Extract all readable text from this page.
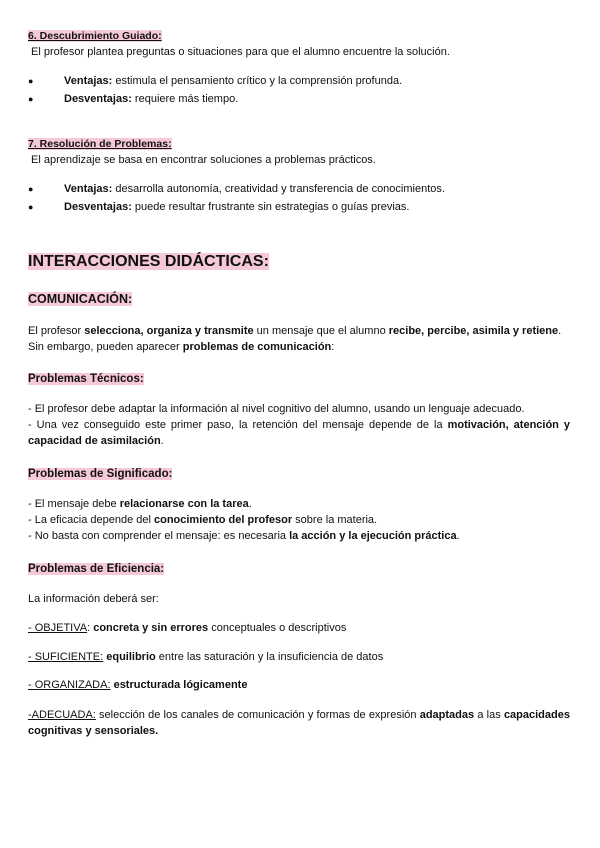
6. Descubrimiento Guiado:
El profesor plantea preguntas o situaciones para que el alumno encuentre la solución.
●	Ventajas: estimula el pensamiento crítico y la comprensión profunda.
●	Desventajas: requiere más tiempo.
7. Resolución de Problemas:
El aprendizaje se basa en encontrar soluciones a problemas prácticos.
●	Ventajas: desarrolla autonomía, creatividad y transferencia de conocimientos.
●	Desventajas: puede resultar frustrante sin estrategias o guías previas.
INTERACCIONES DIDÁCTICAS:
COMUNICACIÓN:
El profesor selecciona, organiza y transmite un mensaje que el alumno recibe, percibe, asimila y retiene.
Sin embargo, pueden aparecer problemas de comunicación:
Problemas Técnicos:
- El profesor debe adaptar la información al nivel cognitivo del alumno, usando un lenguaje adecuado.
- Una vez conseguido este primer paso, la retención del mensaje depende de la motivación, atención y capacidad de asimilación.
Problemas de Significado:
- El mensaje debe relacionarse con la tarea.
- La eficacia depende del conocimiento del profesor sobre la materia.
- No basta con comprender el mensaje: es necesaria la acción y la ejecución práctica.
Problemas de Eficiencia:
La información deberá ser:
- OBJETIVA: concreta y sin errores conceptuales o descriptivos
- SUFICIENTE: equilibrio entre las saturación y la insuficiencia de datos
- ORGANIZADA: estructurada lógicamente
-ADECUADA: selección de los canales de comunicación y formas de expresión adaptadas a las capacidades cognitivas y sensoriales.
